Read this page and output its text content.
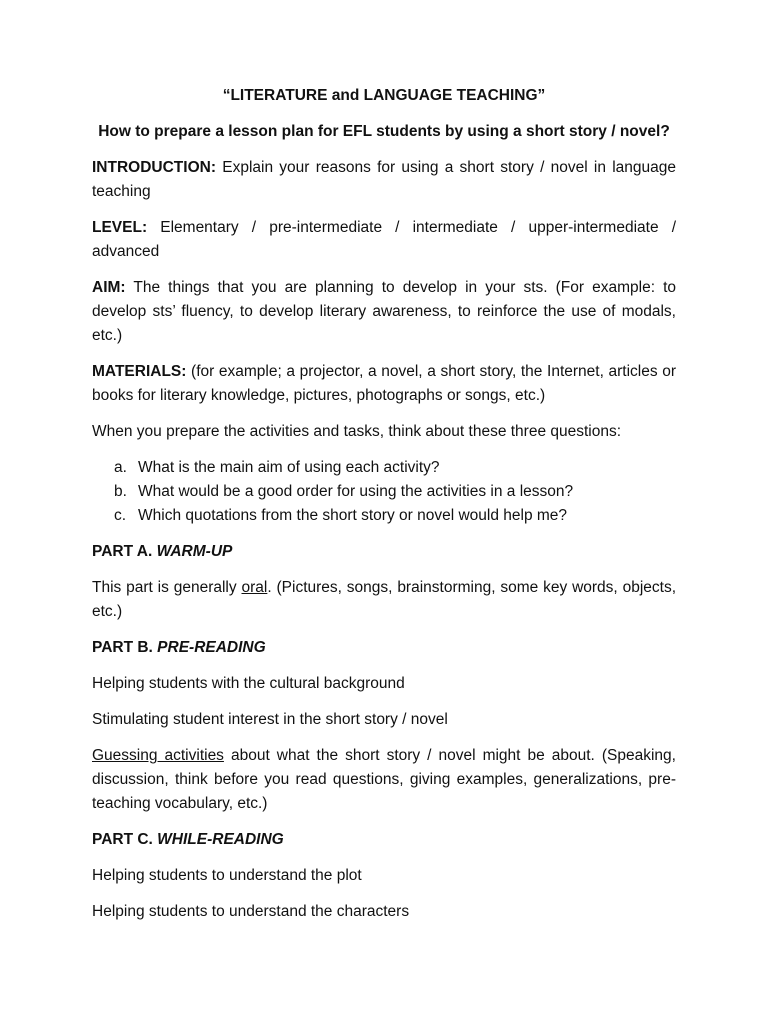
“LITERATURE and LANGUAGE TEACHING”
How to prepare a lesson plan for EFL students by using a short story / novel?

INTRODUCTION: Explain your reasons for using a short story / novel in language teaching

LEVEL: Elementary / pre-intermediate / intermediate / upper-intermediate / advanced

AIM: The things that you are planning to develop in your sts. (For example: to develop sts’ fluency, to develop literary awareness, to reinforce the use of modals, etc.)

MATERIALS: (for example; a projector, a novel, a short story, the Internet, articles or books for literary knowledge, pictures, photographs or songs, etc.)

When you prepare the activities and tasks, think about these three questions:

a. What is the main aim of using each activity?
b. What would be a good order for using the activities in a lesson?
c. Which quotations from the short story or novel would help me?

PART A. WARM-UP

This part is generally oral. (Pictures, songs, brainstorming, some key words, objects, etc.)

PART B. PRE-READING

Helping students with the cultural background

Stimulating student interest in the short story / novel

Guessing activities about what the short story / novel might be about. (Speaking, discussion, think before you read questions, giving examples, generalizations, pre-teaching vocabulary, etc.)

PART C. WHILE-READING

Helping students to understand the plot

Helping students to understand the characters
